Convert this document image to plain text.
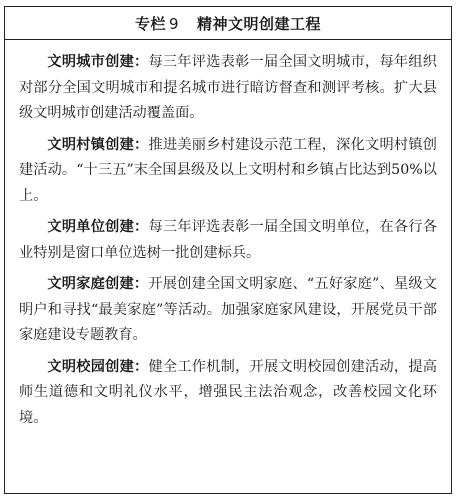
专栏 9 精神文明创建工程

文明城市创建：每三年评选表彰一届全国文明城市，每年组织对部分全国文明城市和提名城市进行暗访督查和测评考核。扩大县级文明城市创建活动覆盖面。

文明村镇创建：推进美丽乡村建设示范工程，深化文明村镇创建活动。“十三五”末全国县级及以上文明村和乡镇占比达到50%以上。

文明单位创建：每三年评选表彰一届全国文明单位，在各行各业特别是窗口单位选树一批创建标兵。

文明家庭创建：开展创建全国文明家庭、“五好家庭”、星级文明户和寻找“最美家庭”等活动。加强家庭家风建设，开展党员干部家庭建设专题教育。

文明校园创建：健全工作机制，开展文明校园创建活动，提高师生道德和文明礼仪水平，增强民主法治观念，改善校园文化环境。
